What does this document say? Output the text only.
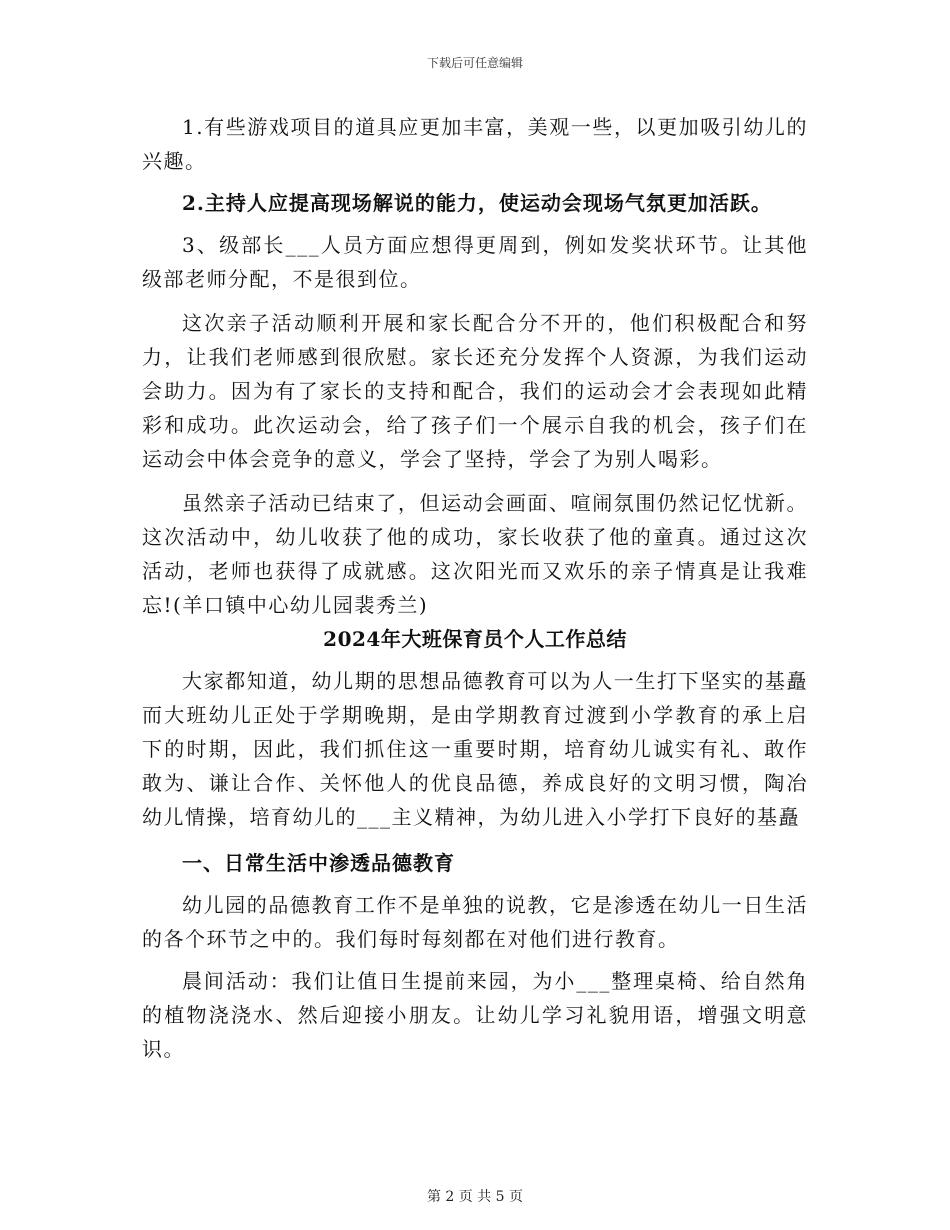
下载后可任意编辑

1.有些游戏项目的道具应更加丰富，美观一些，以更加吸引幼儿的兴趣。

2.主持人应提高现场解说的能力，使运动会现场气氛更加活跃。

3、级部长___人员方面应想得更周到，例如发奖状环节。让其他级部老师分配，不是很到位。

这次亲子活动顺利开展和家长配合分不开的，他们积极配合和努力，让我们老师感到很欣慰。家长还充分发挥个人资源，为我们运动会助力。因为有了家长的支持和配合，我们的运动会才会表现如此精彩和成功。此次运动会，给了孩子们一个展示自我的机会，孩子们在运动会中体会竞争的意义，学会了坚持，学会了为别人喝彩。

虽然亲子活动已结束了，但运动会画面、喧闹氛围仍然记忆忧新。这次活动中，幼儿收获了他的成功，家长收获了他的童真。通过这次活动，老师也获得了成就感。这次阳光而又欢乐的亲子情真是让我难忘!(羊口镇中心幼儿园裴秀兰)

2024年大班保育员个人工作总结

大家都知道，幼儿期的思想品德教育可以为人一生打下坚实的基矗而大班幼儿正处于学期晚期，是由学期教育过渡到小学教育的承上启下的时期，因此，我们抓住这一重要时期，培育幼儿诚实有礼、敢作敢为、谦让合作、关怀他人的优良品德，养成良好的文明习惯，陶冶幼儿情操，培育幼儿的___主义精神，为幼儿进入小学打下良好的基矗

一、日常生活中渗透品德教育

幼儿园的品德教育工作不是单独的说教，它是渗透在幼儿一日生活的各个环节之中的。我们每时每刻都在对他们进行教育。

晨间活动：我们让值日生提前来园，为小___整理桌椅、给自然角的植物浇浇水、然后迎接小朋友。让幼儿学习礼貌用语，增强文明意识。

第 2 页 共 5 页
